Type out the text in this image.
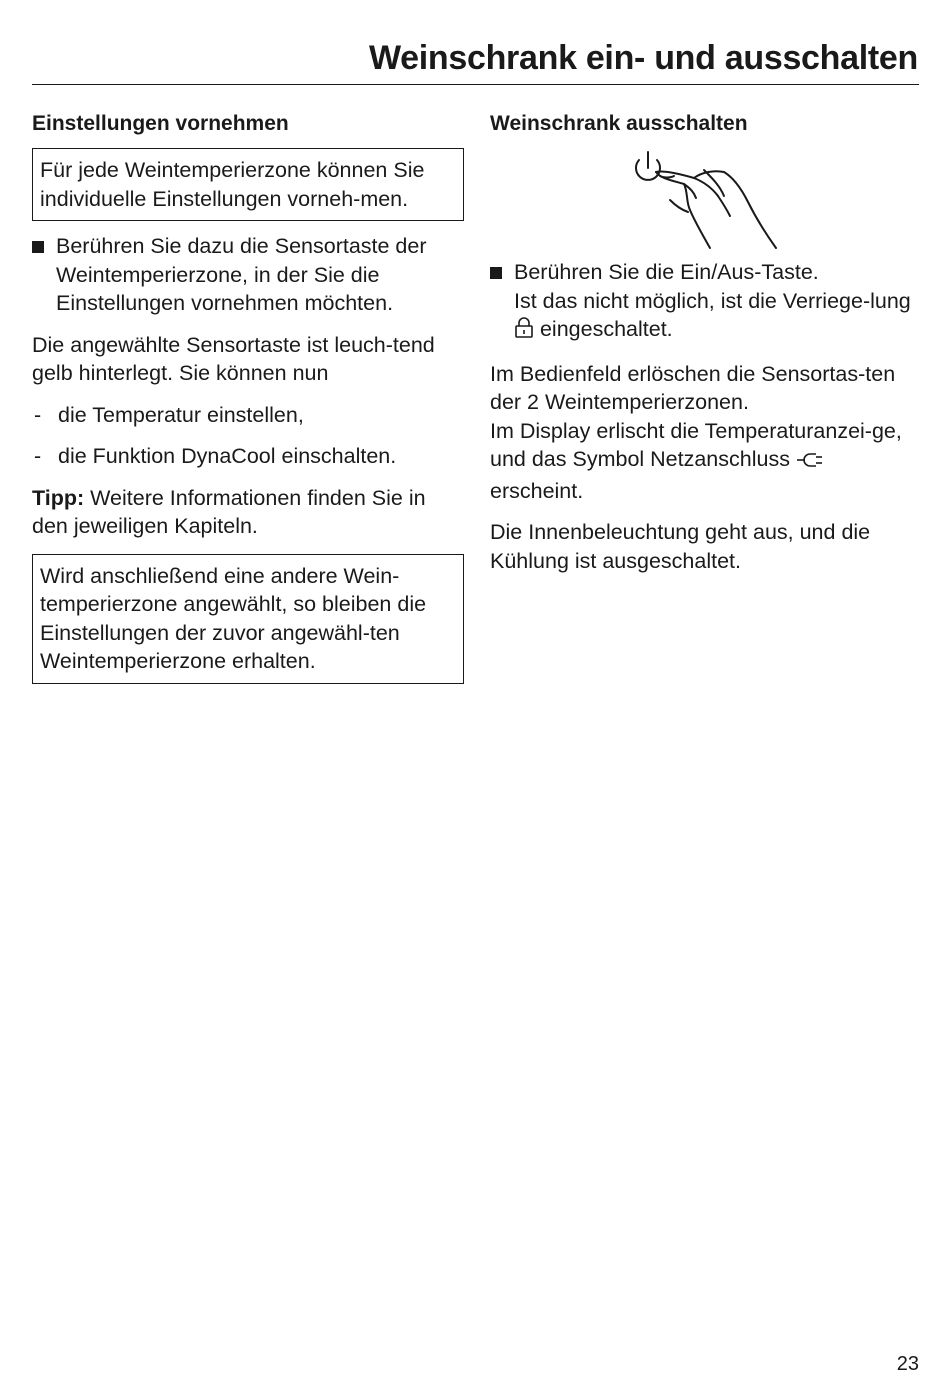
Weinschrank ein- und ausschalten
Einstellungen vornehmen
Für jede Weintemperierzone können Sie individuelle Einstellungen vorneh-men.
Berühren Sie dazu die Sensortaste der Weintemperierzone, in der Sie die Einstellungen vornehmen möchten.
Die angewählte Sensortaste ist leuch-tend gelb hinterlegt. Sie können nun
- die Temperatur einstellen,
- die Funktion DynaCool einschalten.
Tipp: Weitere Informationen finden Sie in den jeweiligen Kapiteln.
Wird anschließend eine andere Wein-temperierzone angewählt, so bleiben die Einstellungen der zuvor angewähl-ten Weintemperierzone erhalten.
Weinschrank ausschalten
Berühren Sie die Ein/Aus-Taste.
Ist das nicht möglich, ist die Verriege-lung  eingeschaltet.
Im Bedienfeld erlöschen die Sensortas-ten der 2 Weintemperierzonen.
Im Display erlischt die Temperaturanzei-ge, und das Symbol Netzanschluss  erscheint.
Die Innenbeleuchtung geht aus, und die Kühlung ist ausgeschaltet.
23
